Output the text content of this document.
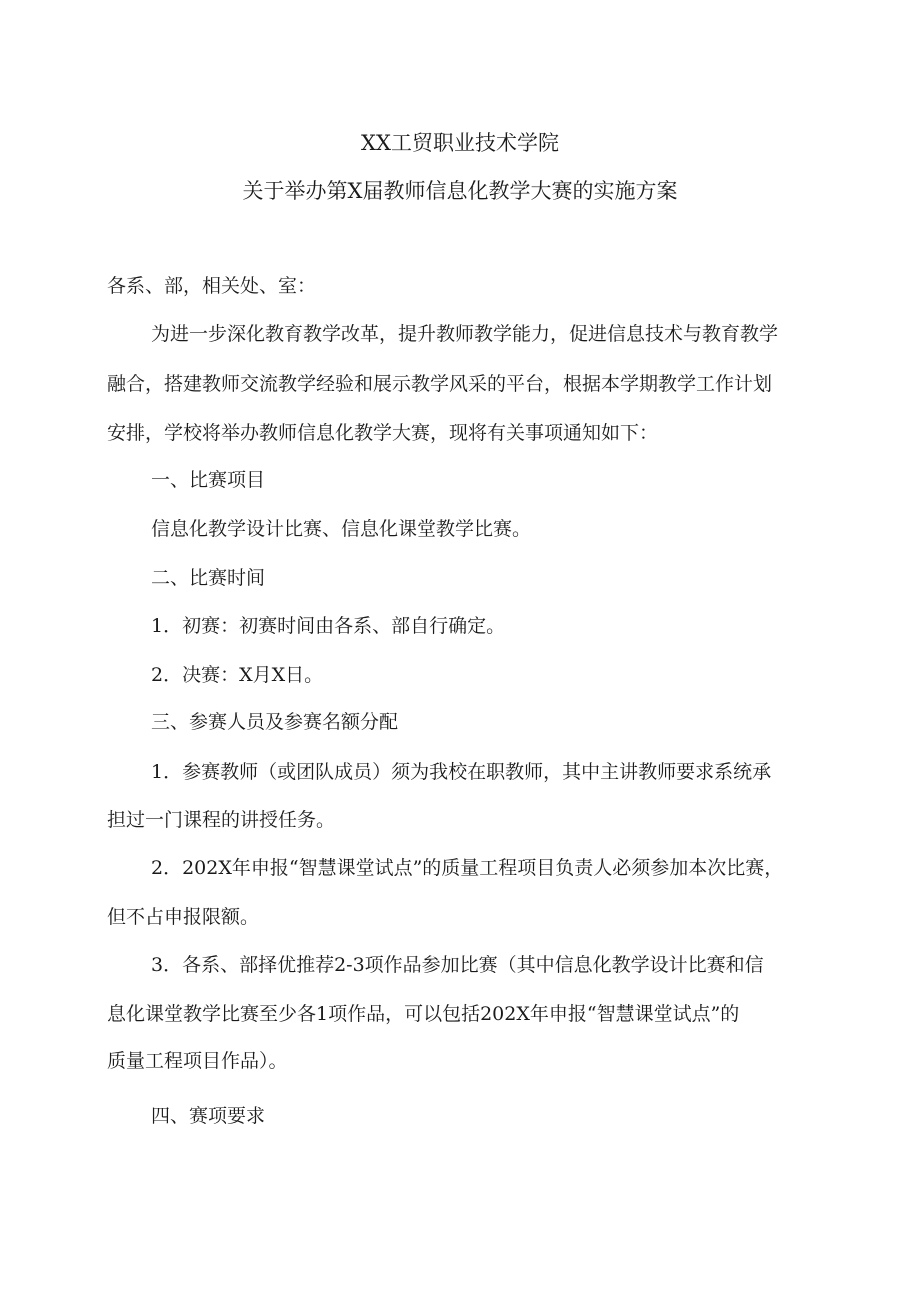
XX工贸职业技术学院
关于举办第X届教师信息化教学大赛的实施方案
各系、部，相关处、室：
为进一步深化教育教学改革，提升教师教学能力，促进信息技术与教育教学
融合，搭建教师交流教学经验和展示教学风采的平台，根据本学期教学工作计划
安排，学校将举办教师信息化教学大赛，现将有关事项通知如下：
一、比赛项目
信息化教学设计比赛、信息化课堂教学比赛。
二、比赛时间
1．初赛：初赛时间由各系、部自行确定。
2．决赛：X月X日。
三、参赛人员及参赛名额分配
1．参赛教师（或团队成员）须为我校在职教师，其中主讲教师要求系统承
担过一门课程的讲授任务。
2．202X年申报“智慧课堂试点”的质量工程项目负责人必须参加本次比赛，
但不占申报限额。
3．各系、部择优推荐2-3项作品参加比赛（其中信息化教学设计比赛和信
息化课堂教学比赛至少各1项作品，可以包括202X年申报“智慧课堂试点”的
质量工程项目作品）。
四、赛项要求
